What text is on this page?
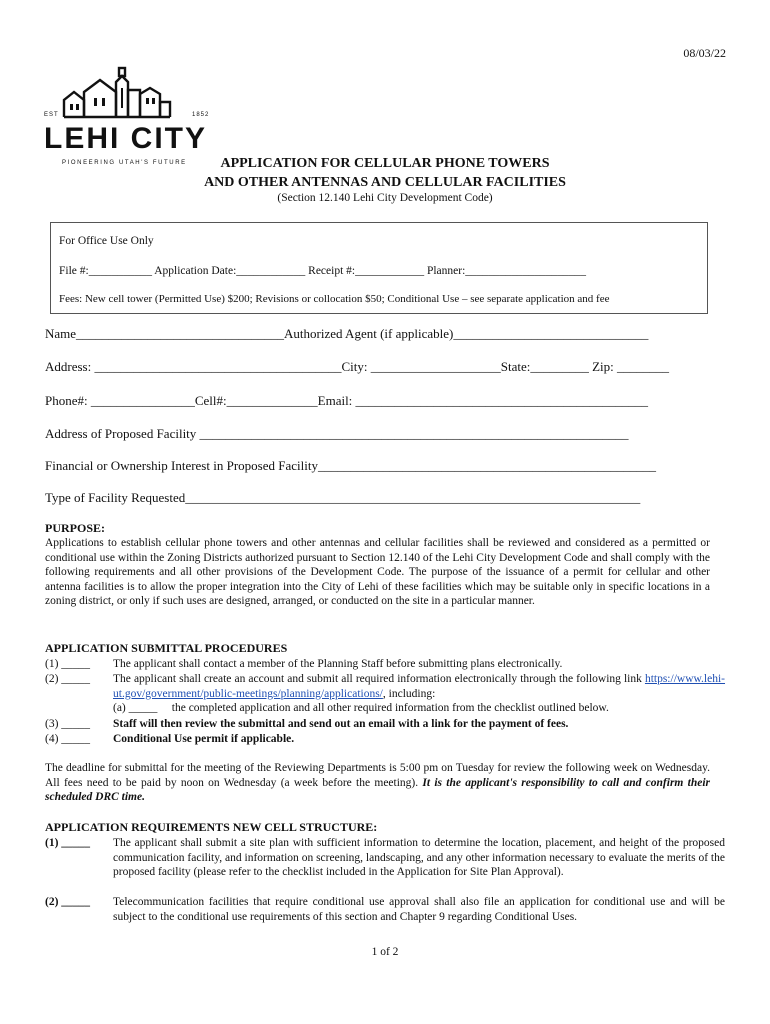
08/03/22
EST	1852
LEHI CITY
PIONEERING UTAH'S FUTURE	APPLICATION FOR CELLULAR PHONE TOWERS
AND OTHER ANTENNAS AND CELLULAR FACILITIES
(Section 12.140 Lehi City Development Code)
For Office Use Only
File #:___________ Application Date:____________ Receipt #:____________ Planner:_____________________
Fees: New cell tower (Permitted Use) $200; Revisions or collocation $50; Conditional Use – see separate application and fee
Name________________________________Authorized Agent (if applicable)______________________________
Address: ______________________________________City: ____________________State:_________ Zip: ________
Phone#: ________________Cell#:______________Email: _____________________________________________
Address of Proposed Facility __________________________________________________________________
Financial or Ownership Interest in Proposed Facility____________________________________________________
Type of Facility Requested______________________________________________________________________
PURPOSE:
Applications to establish cellular phone towers and other antennas and cellular facilities shall be reviewed and considered as a permitted or conditional use within the Zoning Districts authorized pursuant to Section 12.140 of the Lehi City Development Code and shall comply with the following requirements and all other provisions of the Development Code. The purpose of the issuance of a permit for cellular and other antenna facilities is to allow the proper integration into the City of Lehi of these facilities which may be suitable only in specific locations in a zoning district, or only if such uses are designed, arranged, or conducted on the site in a particular manner.
APPLICATION SUBMITTAL PROCEDURES
(1) _____	The applicant shall contact a member of the Planning Staff before submitting plans electronically.
(2) _____	The applicant shall create an account and submit all required information electronically through the following link https://www.lehi-ut.gov/government/public-meetings/planning/applications/, including:
(a) _____     the completed application and all other required information from the checklist outlined below.
(3) _____	Staff will then review the submittal and send out an email with a link for the payment of fees.
(4) _____	Conditional Use permit if applicable.
The deadline for submittal for the meeting of the Reviewing Departments is 5:00 pm on Tuesday for review the following week on Wednesday. All fees need to be paid by noon on Wednesday (a week before the meeting). It is the applicant's responsibility to call and confirm their scheduled DRC time.
APPLICATION REQUIREMENTS NEW CELL STRUCTURE:
(1) _____	The applicant shall submit a site plan with sufficient information to determine the location, placement, and height of the proposed communication facility, and information on screening, landscaping, and any other information necessary to evaluate the merits of the proposed facility (please refer to the checklist included in the Application for Site Plan Approval).
(2) _____	Telecommunication facilities that require conditional use approval shall also file an application for conditional use and will be subject to the conditional use requirements of this section and Chapter 9 regarding Conditional Uses.
1 of 2
